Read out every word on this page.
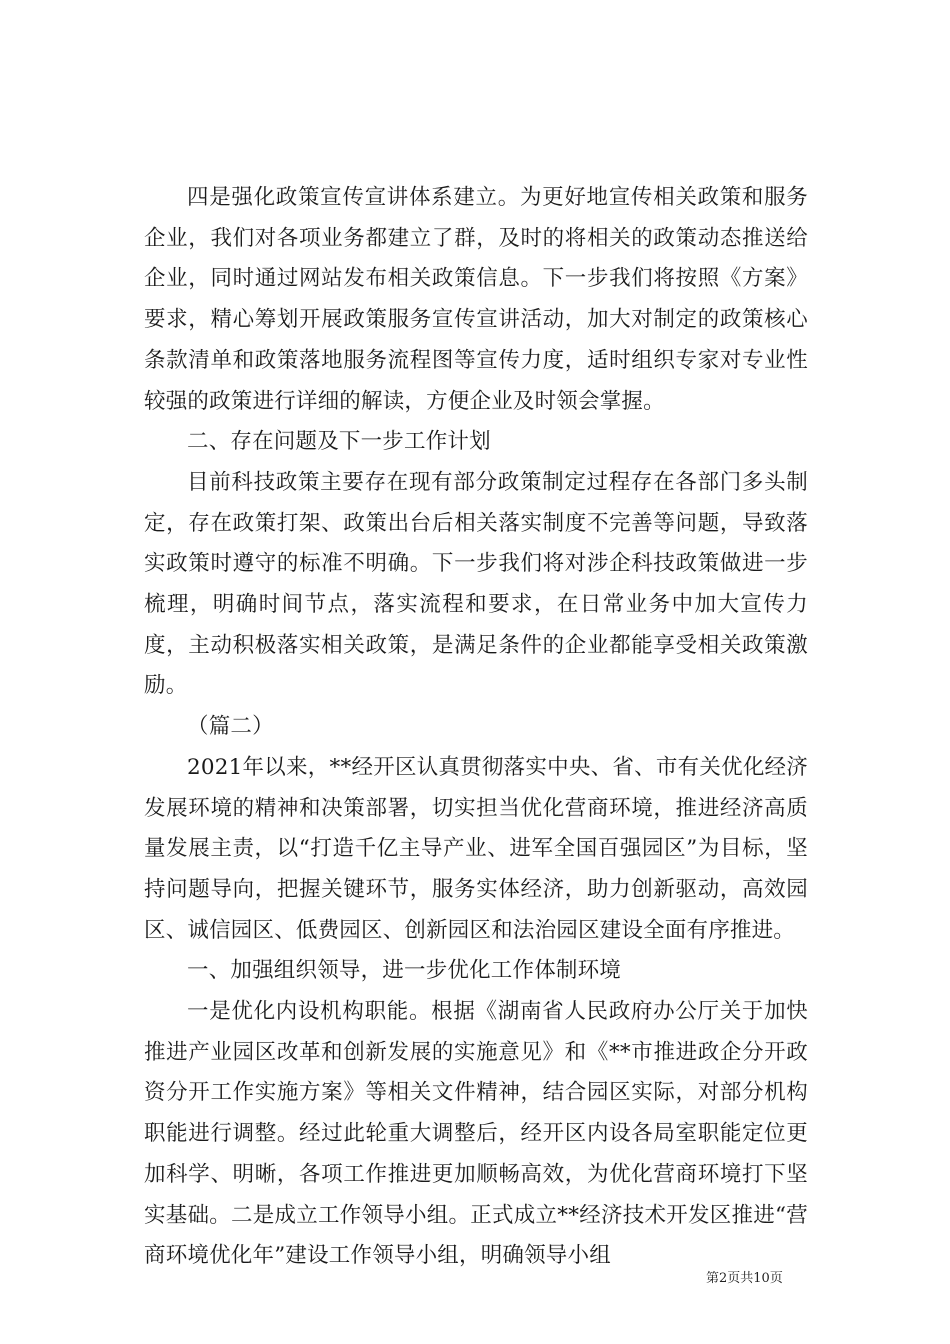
四是强化政策宣传宣讲体系建立。为更好地宣传相关政策和服务企业，我们对各项业务都建立了群，及时的将相关的政策动态推送给企业，同时通过网站发布相关政策信息。下一步我们将按照《方案》要求，精心筹划开展政策服务宣传宣讲活动，加大对制定的政策核心条款清单和政策落地服务流程图等宣传力度，适时组织专家对专业性较强的政策进行详细的解读，方便企业及时领会掌握。

二、存在问题及下一步工作计划

目前科技政策主要存在现有部分政策制定过程存在各部门多头制定，存在政策打架、政策出台后相关落实制度不完善等问题，导致落实政策时遵守的标准不明确。下一步我们将对涉企科技政策做进一步梳理，明确时间节点，落实流程和要求，在日常业务中加大宣传力度，主动积极落实相关政策，是满足条件的企业都能享受相关政策激励。

（篇二）

2021年以来，**经开区认真贯彻落实中央、省、市有关优化经济发展环境的精神和决策部署，切实担当优化营商环境，推进经济高质量发展主责，以“打造千亿主导产业、进军全国百强园区”为目标，坚持问题导向，把握关键环节，服务实体经济，助力创新驱动，高效园区、诚信园区、低费园区、创新园区和法治园区建设全面有序推进。

一、加强组织领导，进一步优化工作体制环境

一是优化内设机构职能。根据《湖南省人民政府办公厅关于加快推进产业园区改革和创新发展的实施意见》和《**市推进政企分开政资分开工作实施方案》等相关文件精神，结合园区实际，对部分机构职能进行调整。经过此轮重大调整后，经开区内设各局室职能定位更加科学、明晰，各项工作推进更加顺畅高效，为优化营商环境打下坚实基础。二是成立工作领导小组。正式成立**经济技术开发区推进“营商环境优化年”建设工作领导小组，明确领导小组

第2页共10页
